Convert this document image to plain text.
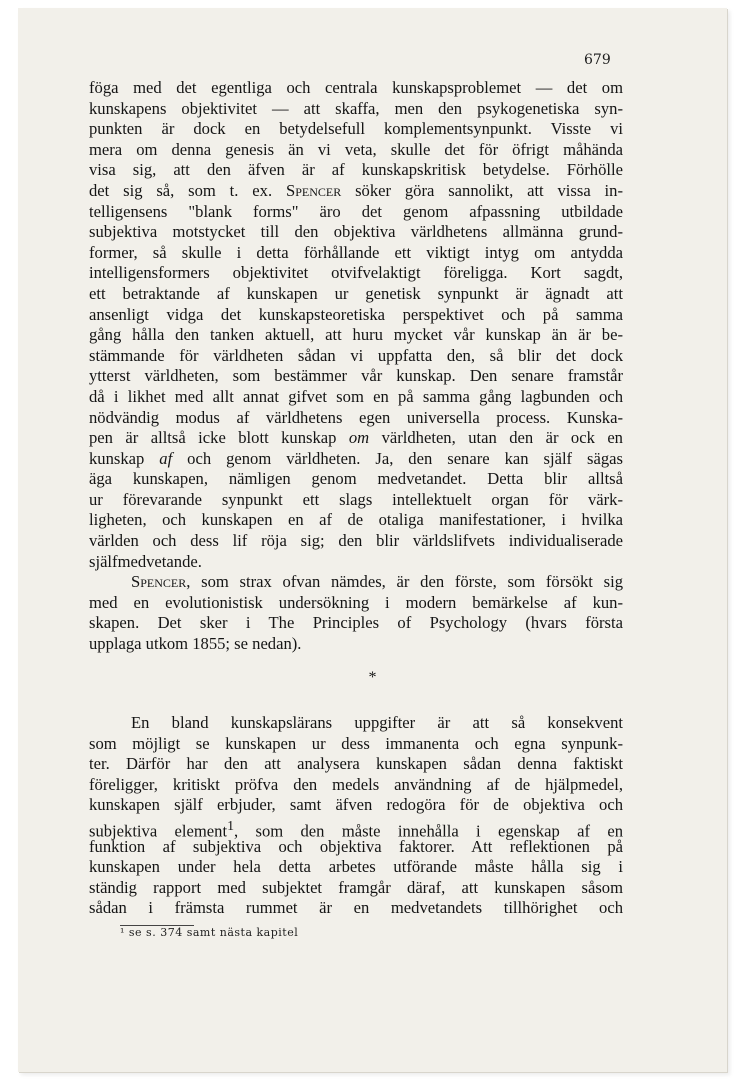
679
föga med det egentliga och centrala kunskapsproblemet — det om
kunskapens objektivitet — att skaffa, men den psykogenetiska syn-
punkten är dock en betydelsefull komplementsynpunkt. Visste vi
mera om denna genesis än vi veta, skulle det för öfrigt måhända
visa sig, att den äfven är af kunskapskritisk betydelse. Förhölle
det sig så, som t. ex. Spencer söker göra sannolikt, att vissa in-
telligensens "blank forms" äro det genom afpassning utbildade
subjektiva motstycket till den objektiva världhetens allmänna grund-
former, så skulle i detta förhållande ett viktigt intyg om antydda
intelligensformers objektivitet otvifvelaktigt föreligga. Kort sagdt,
ett betraktande af kunskapen ur genetisk synpunkt är ägnadt att
ansenligt vidga det kunskapsteoretiska perspektivet och på samma
gång hålla den tanken aktuell, att huru mycket vår kunskap än är be-
stämmande för världheten sådan vi uppfatta den, så blir det dock
ytterst världheten, som bestämmer vår kunskap. Den senare framstår
då i likhet med allt annat gifvet som en på samma gång lagbunden och
nödvändig modus af världhetens egen universella process. Kunska-
pen är alltså icke blott kunskap om världheten, utan den är ock en
kunskap af och genom världheten. Ja, den senare kan själf sägas
äga kunskapen, nämligen genom medvetandet. Detta blir alltså
ur förevarande synpunkt ett slags intellektuelt organ för värk-
ligheten, och kunskapen en af de otaliga manifestationer, i hvilka
världen och dess lif röja sig; den blir världslifvets individualiserade
själfmedvetande.
Spencer, som strax ofvan nämdes, är den förste, som försökt sig
med en evolutionistisk undersökning i modern bemärkelse af kun-
skapen. Det sker i The Principles of Psychology (hvars första
upplaga utkom 1855; se nedan).
*
En bland kunskapslärans uppgifter är att så konsekvent
som möjligt se kunskapen ur dess immanenta och egna synpunk-
ter. Därför har den att analysera kunskapen sådan denna faktiskt
föreligger, kritiskt pröfva den medels användning af de hjälpmedel,
kunskapen själf erbjuder, samt äfven redogöra för de objektiva och
subjektiva element$^1$, som den måste innehålla i egenskap af en
funktion af subjektiva och objektiva faktorer. Att reflektionen på
kunskapen under hela detta arbetes utförande måste hålla sig i
ständig rapport med subjektet framgår däraf, att kunskapen såsom
sådan i främsta rummet är en medvetandets tillhörighet och
¹ se s. 374 samt nästa kapitel
